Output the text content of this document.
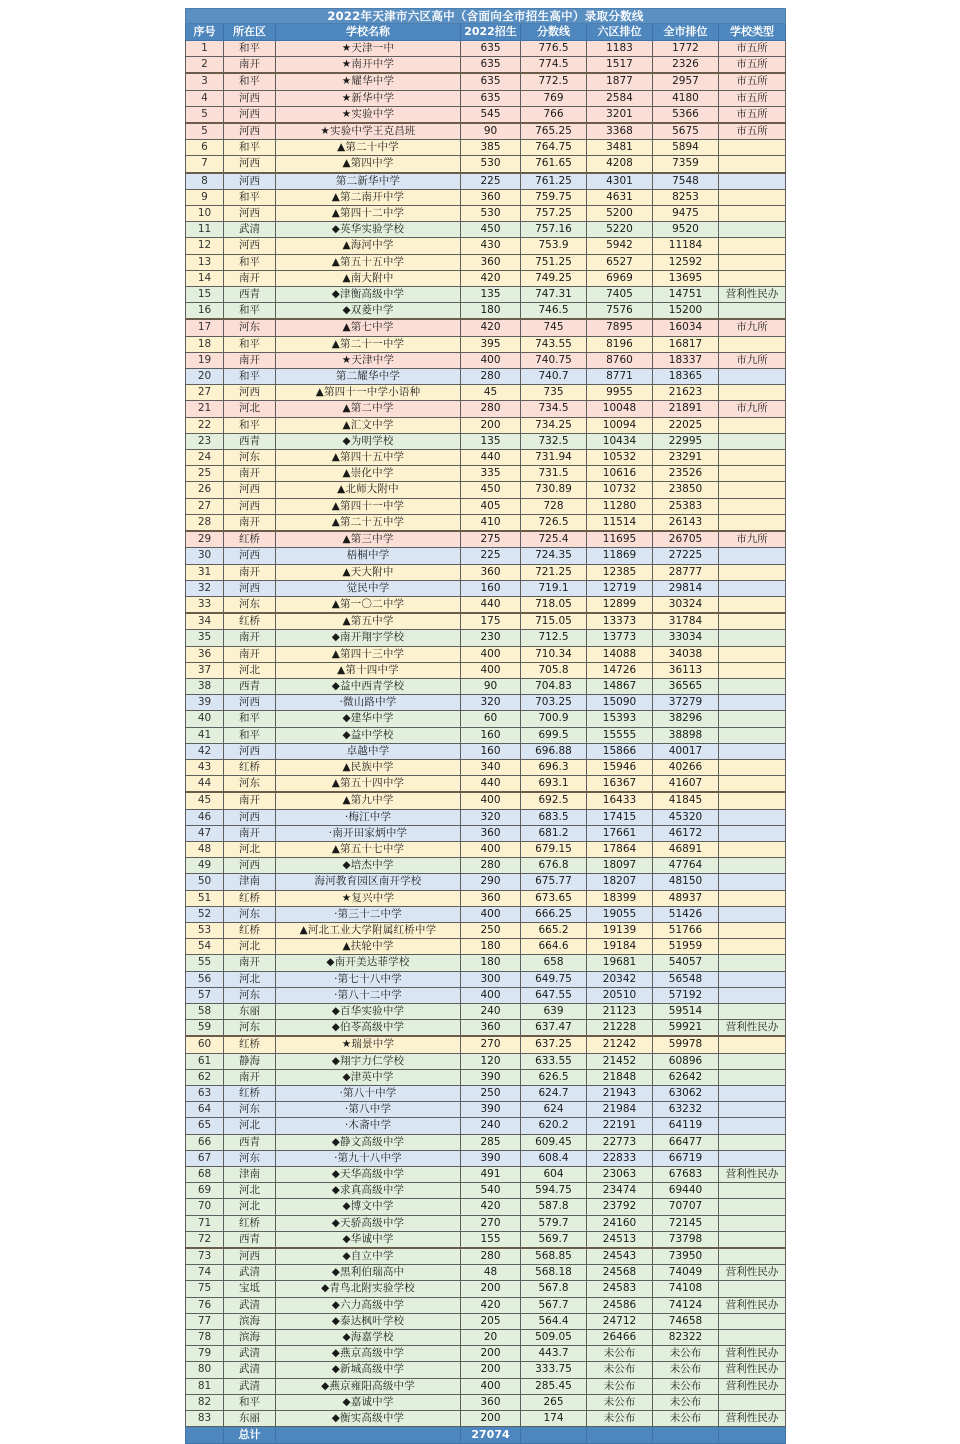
2022年天津市六区高中（含面向全市招生高中）录取分数线							
序号	所在区	学校名称	2022招生	分数线	六区排位	全市排位	学校类型
1	和平	★天津一中	635	776.5	1183	1772	市五所
2	南开	★南开中学	635	774.5	1517	2326	市五所
3	和平	★耀华中学	635	772.5	1877	2957	市五所
4	河西	★新华中学	635	769	2584	4180	市五所
5	河西	★实验中学	545	766	3201	5366	市五所
5	河西	★实验中学王克昌班	90	765.25	3368	5675	市五所
6	和平	▲第二十中学	385	764.75	3481	5894	
7	河西	▲第四中学	530	761.65	4208	7359	
8	河西	第二新华中学	225	761.25	4301	7548	
9	和平	▲第二南开中学	360	759.75	4631	8253	
10	河西	▲第四十二中学	530	757.25	5200	9475	
11	武清	◆英华实验学校	450	757.16	5220	9520	
12	河西	▲海河中学	430	753.9	5942	11184	
13	和平	▲第五十五中学	360	751.25	6527	12592	
14	南开	▲南大附中	420	749.25	6969	13695	
15	西青	◆津衡高级中学	135	747.31	7405	14751	营利性民办
16	和平	◆双菱中学	180	746.5	7576	15200	
17	河东	▲第七中学	420	745	7895	16034	市九所
18	和平	▲第二十一中学	395	743.55	8196	16817	
19	南开	★天津中学	400	740.75	8760	18337	市九所
20	和平	第二耀华中学	280	740.7	8771	18365	
27	河西	▲第四十一中学小语种	45	735	9955	21623	
21	河北	▲第二中学	280	734.5	10048	21891	市九所
22	和平	▲汇文中学	200	734.25	10094	22025	
23	西青	◆为明学校	135	732.5	10434	22995	
24	河东	▲第四十五中学	440	731.94	10532	23291	
25	南开	▲崇化中学	335	731.5	10616	23526	
26	河西	▲北师大附中	450	730.89	10732	23850	
27	河西	▲第四十一中学	405	728	11280	25383	
28	南开	▲第二十五中学	410	726.5	11514	26143	
29	红桥	▲第三中学	275	725.4	11695	26705	市九所
30	河西	梧桐中学	225	724.35	11869	27225	
31	南开	▲天大附中	360	721.25	12385	28777	
32	河西	觉民中学	160	719.1	12719	29814	
33	河东	▲第一〇二中学	440	718.05	12899	30324	
34	红桥	▲第五中学	175	715.05	13373	31784	
35	南开	◆南开翔宇学校	230	712.5	13773	33034	
36	南开	▲第四十三中学	400	710.34	14088	34038	
37	河北	▲第十四中学	400	705.8	14726	36113	
38	西青	◆益中西青学校	90	704.83	14867	36565	
39	河西	·微山路中学	320	703.25	15090	37279	
40	和平	◆建华中学	60	700.9	15393	38296	
41	和平	◆益中学校	160	699.5	15555	38898	
42	河西	卓越中学	160	696.88	15866	40017	
43	红桥	▲民族中学	340	696.3	15946	40266	
44	河东	▲第五十四中学	440	693.1	16367	41607	
45	南开	▲第九中学	400	692.5	16433	41845	
46	河西	·梅江中学	320	683.5	17415	45320	
47	南开	·南开田家炳中学	360	681.2	17661	46172	
48	河北	▲第五十七中学	400	679.15	17864	46891	
49	河西	◆培杰中学	280	676.8	18097	47764	
50	津南	海河教育园区南开学校	290	675.77	18207	48150	
51	红桥	★复兴中学	360	673.65	18399	48937	
52	河东	·第三十二中学	400	666.25	19055	51426	
53	红桥	▲河北工业大学附属红桥中学	250	665.2	19139	51766	
54	河北	▲扶轮中学	180	664.6	19184	51959	
55	南开	◆南开美达菲学校	180	658	19681	54057	
56	河北	·第七十八中学	300	649.75	20342	56548	
57	河东	·第八十二中学	400	647.55	20510	57192	
58	东丽	◆百华实验中学	240	639	21123	59514	
59	河东	◆伯苓高级中学	360	637.47	21228	59921	营利性民办
60	红桥	★瑞景中学	270	637.25	21242	59978	
61	静海	◆翔宇力仁学校	120	633.55	21452	60896	
62	南开	◆津英中学	390	626.5	21848	62642	
63	红桥	·第八十中学	250	624.7	21943	63062	
64	河东	·第八中学	390	624	21984	63232	
65	河北	·木斋中学	240	620.2	22191	64119	
66	西青	◆静文高级中学	285	609.45	22773	66477	
67	河东	·第九十八中学	390	608.4	22833	66719	
68	津南	◆天华高级中学	491	604	23063	67683	营利性民办
69	河北	◆求真高级中学	540	594.75	23474	69440	
70	河北	◆博文中学	420	587.8	23792	70707	
71	红桥	◆天骄高级中学	270	579.7	24160	72145	
72	西青	◆华诚中学	155	569.7	24513	73798	
73	河西	◆自立中学	280	568.85	24543	73950	
74	武清	◆黑利伯瑞高中	48	568.18	24568	74049	营利性民办
75	宝坻	◆青鸟北附实验学校	200	567.8	24583	74108	
76	武清	◆六力高级中学	420	567.7	24586	74124	营利性民办
77	滨海	◆泰达枫叶学校	205	564.4	24712	74658	
78	滨海	◆海嘉学校	20	509.05	26466	82322	
79	武清	◆燕京高级中学	200	443.7	未公布	未公布	营利性民办
80	武清	◆新城高级中学	200	333.75	未公布	未公布	营利性民办
81	武清	◆燕京雍阳高级中学	400	285.45	未公布	未公布	营利性民办
82	和平	◆嘉诚中学	360	265	未公布	未公布	
83	东丽	◆衡实高级中学	200	174	未公布	未公布	营利性民办
	总计		27074				
